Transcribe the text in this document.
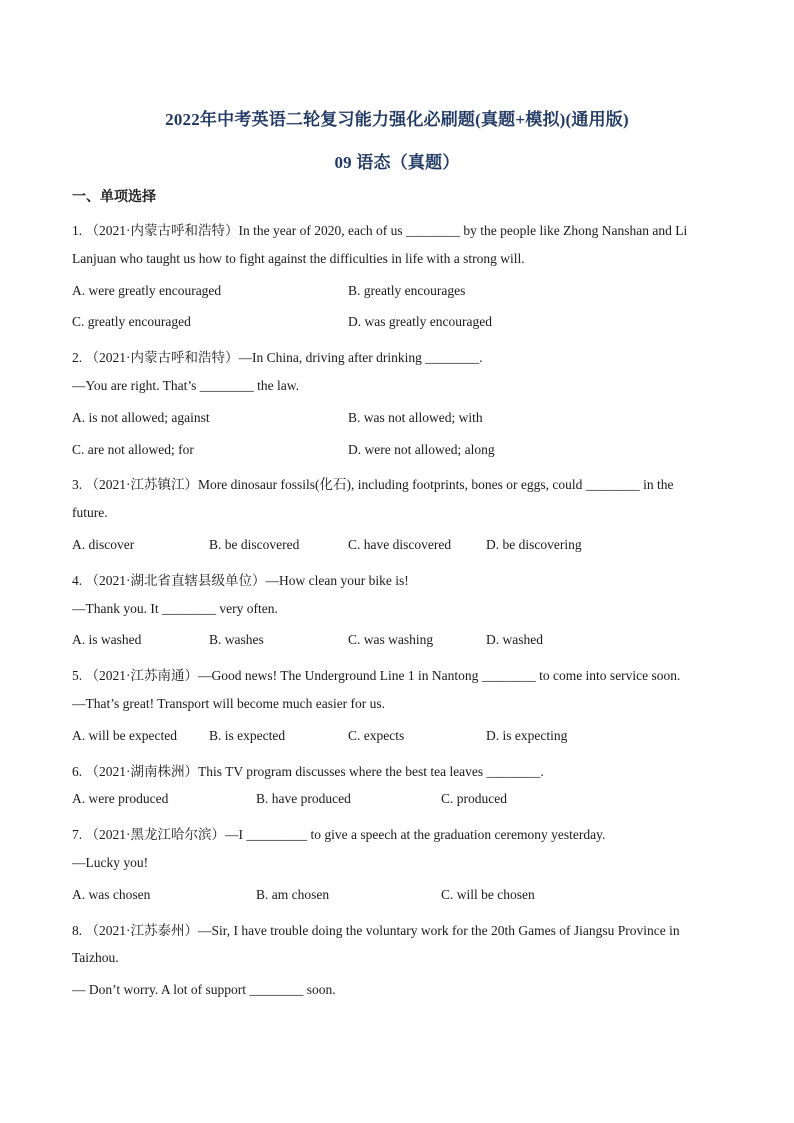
2022年中考英语二轮复习能力强化必刷题(真题+模拟)(通用版)
09 语态（真题）
一、单项选择
1. （2021·内蒙古呼和浩特）In the year of 2020, each of us ________ by the people like Zhong Nanshan and Li
Lanjuan who taught us how to fight against the difficulties in life with a strong will.
A. were greatly encouraged	B. greatly encourages
C. greatly encouraged	D. was greatly encouraged
2. （2021·内蒙古呼和浩特）—In China, driving after drinking ________.
—You are right. That’s ________ the law.
A. is not allowed; against	B. was not allowed; with
C. are not allowed; for	D. were not allowed; along
3. （2021·江苏镇江）More dinosaur fossils(化石), including footprints, bones or eggs, could ________ in the
future.
A. discover	B. be discovered	C. have discovered	D. be discovering
4. （2021·湖北省直辖县级单位）—How clean your bike is!
—Thank you. It ________ very often.
A. is washed	B. washes	C. was washing	D. washed
5. （2021·江苏南通）—Good news! The Underground Line 1 in Nantong ________ to come into service soon.
—That’s great! Transport will become much easier for us.
A. will be expected B. is expected	C. expects	D. is expecting
6. （2021·湖南株洲）This TV program discusses where the best tea leaves ________.
A. were produced	B. have produced	C. produced
7. （2021·黑龙江哈尔滨）—I _________ to give a speech at the graduation ceremony yesterday.
—Lucky you!
A. was chosen	B. am chosen	C. will be chosen
8. （2021·江苏泰州）—Sir, I have trouble doing the voluntary work for the 20th Games of Jiangsu Province in
Taizhou.
— Don’t worry. A lot of support ________ soon.
